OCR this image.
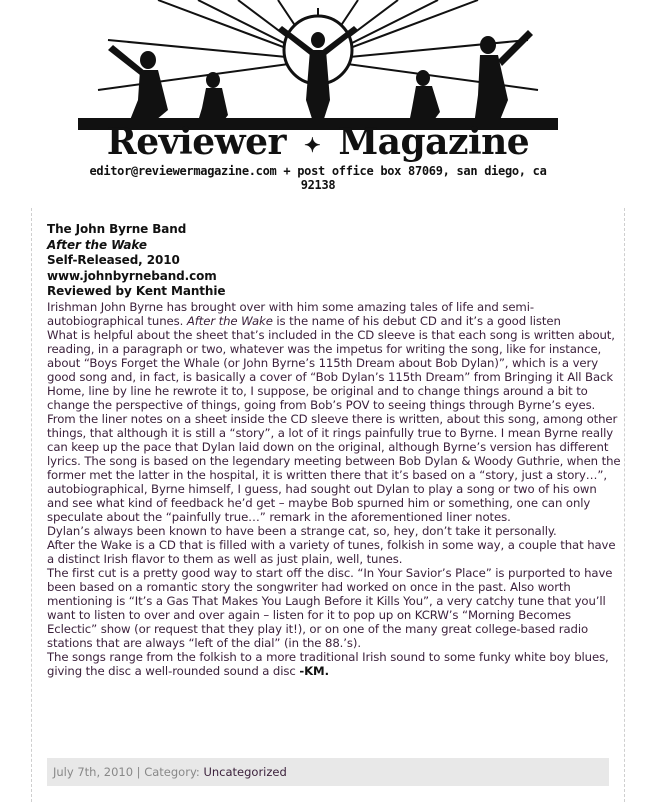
Reviewer ✦ Magazine
editor@reviewermagazine.com + post office box 87069, san diego, ca 92138
The John Byrne Band
After the Wake
Self-Released, 2010
www.johnbyrneband.com
Reviewed by Kent Manthie

Irishman John Byrne has brought over with him some amazing tales of life and semi-autobiographical tunes. After the Wake is the name of his debut CD and it’s a good listen

What is helpful about the sheet that’s included in the CD sleeve is that each song is written about, reading, in a paragraph or two, whatever was the impetus for writing the song, like for instance, about “Boys Forget the Whale (or John Byrne’s 115th Dream about Bob Dylan)”, which is a very good song and, in fact, is basically a cover of “Bob Dylan’s 115th Dream” from Bringing it All Back Home, line by line he rewrote it to, I suppose, be original and to change things around a bit to change the perspective of things, going from Bob’s POV to seeing things through Byrne’s eyes. From the liner notes on a sheet inside the CD sleeve there is written, about this song, among other things, that although it is still a “story”, a lot of it rings painfully true to Byrne. I mean Byrne really can keep up the pace that Dylan laid down on the original, although Byrne’s version has different lyrics. The song is based on the legendary meeting between Bob Dylan & Woody Guthrie, when the former met the latter in the hospital, it is written there that it’s based on a “story, just a story…”, autobiographical, Byrne himself, I guess, had sought out Dylan to play a song or two of his own and see what kind of feedback he’d get – maybe Bob spurned him or something, one can only speculate about the “painfully true…” remark in the aforementioned liner notes.

Dylan’s always been known to have been a strange cat, so, hey, don’t take it personally.

After the Wake is a CD that is filled with a variety of tunes, folkish in some way, a couple that have a distinct Irish flavor to them as well as just plain, well, tunes.

The first cut is a pretty good way to start off the disc. “In Your Savior’s Place” is purported to have been based on a romantic story the songwriter had worked on once in the past. Also worth mentioning is “It’s a Gas That Makes You Laugh Before it Kills You”, a very catchy tune that you’ll want to listen to over and over again – listen for it to pop up on KCRW’s “Morning Becomes Eclectic” show (or request that they play it!), or on one of the many great college-based radio stations that are always “left of the dial” (in the 88.’s).

The songs range from the folkish to a more traditional Irish sound to some funky white boy blues, giving the disc a well-rounded sound a disc -KM.

July 7th, 2010 | Category: Uncategorized
